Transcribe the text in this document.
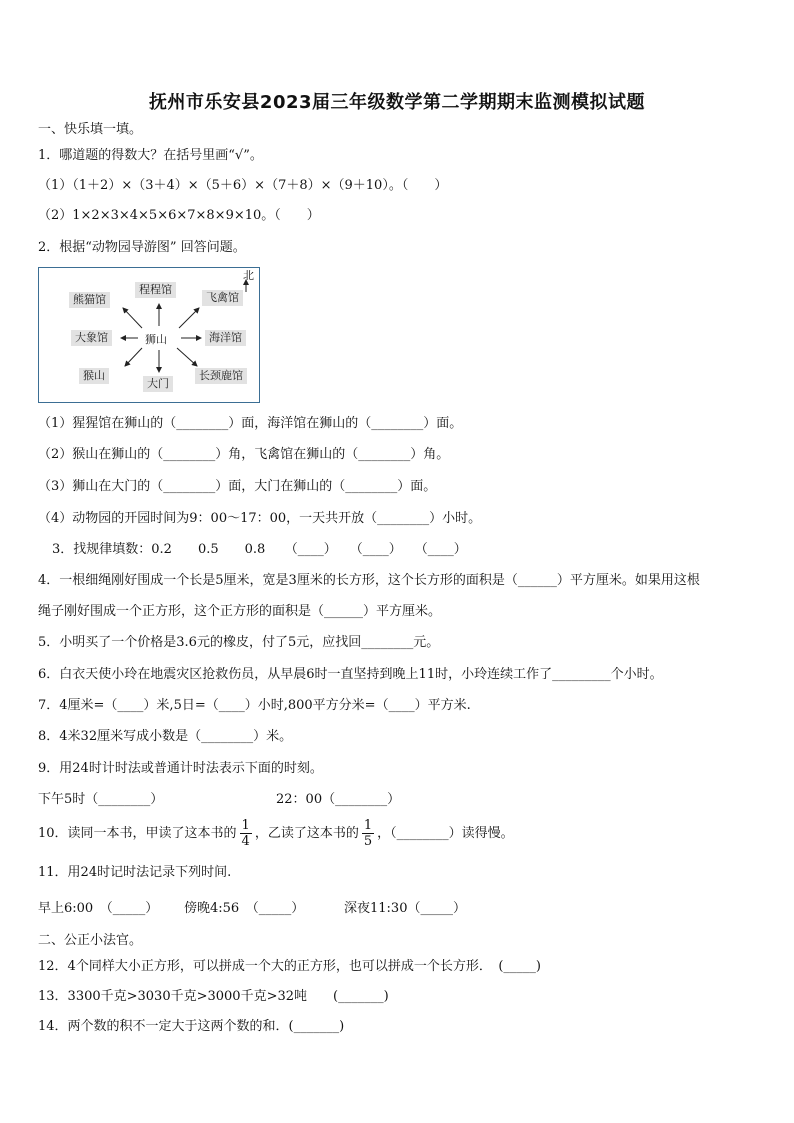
抚州市乐安县2023届三年级数学第二学期期末监测模拟试题
一、快乐填一填。
1．哪道题的得数大？在括号里画“√”。
（1）（1＋2）×（3＋4）×（5＋6）×（7＋8）×（9＋10）。（　　）
（2）1×2×3×4×5×6×7×8×9×10。（　　）
2．根据“动物园导游图” 回答问题。
北
程程馆
熊猫馆	飞禽馆
大象馆	狮山	海洋馆
猴山
大门
长颈鹿馆
（1）猩猩馆在狮山的（________）面，海洋馆在狮山的（________）面。
（2）猴山在狮山的（________）角，飞禽馆在狮山的（________）角。
（3）狮山在大门的（________）面，大门在狮山的（________）面。
（4）动物园的开园时间为9：00～17：00，一天共开放（________）小时。
3．找规律填数：0.2　　0.5　　0.8　　（____）　　（____）　　（____）
4．一根细绳刚好围成一个长是5厘米，宽是3厘米的长方形，这个长方形的面积是（______）平方厘米。如果用这根
绳子刚好围成一个正方形，这个正方形的面积是（______）平方厘米。
5．小明买了一个价格是3.6元的橡皮，付了5元，应找回________元。
6．白衣天使小玲在地震灾区抢救伤员，从早晨6时一直坚持到晚上11时，小玲连续工作了_________个小时。
7．4厘米=（____）米,5日=（____）小时,800平方分米=（____）平方米.
8．4米32厘米写成小数是（________）米。
9．用24时计时法或普通计时法表示下面的时刻。
下午5时（________）	22：00（________）
10．读同一本书，甲读了这本书的 $\frac{1}{4}$ ，乙读了这本书的 $\frac{1}{5}$ ，（________）读得慢。
11．用24时记时法记录下列时间.
早上6:00　（_____） 傍晚4:56　（_____）	深夜11:30（_____）
二、公正小法官。
12．4个同样大小正方形，可以拼成一个大的正方形，也可以拼成一个长方形．　(_____)
13．3300千克>3030千克>3000千克>32吨　　(_______)
14．两个数的积不一定大于这两个数的和．(_______)
